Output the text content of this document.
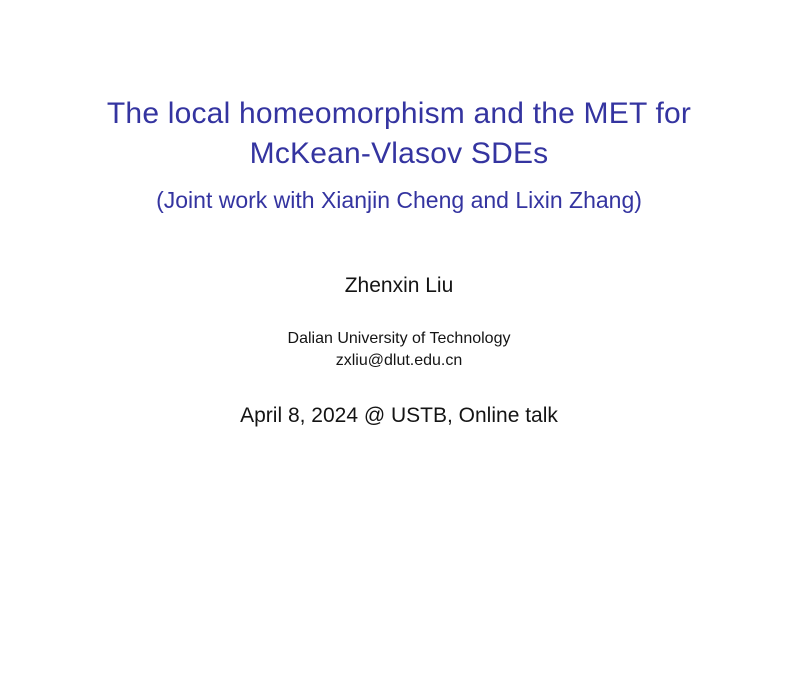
The local homeomorphism and the MET for
McKean-Vlasov SDEs
(Joint work with Xianjin Cheng and Lixin Zhang)
Zhenxin Liu
Dalian University of Technology
zxliu@dlut.edu.cn
April 8, 2024 @ USTB, Online talk
